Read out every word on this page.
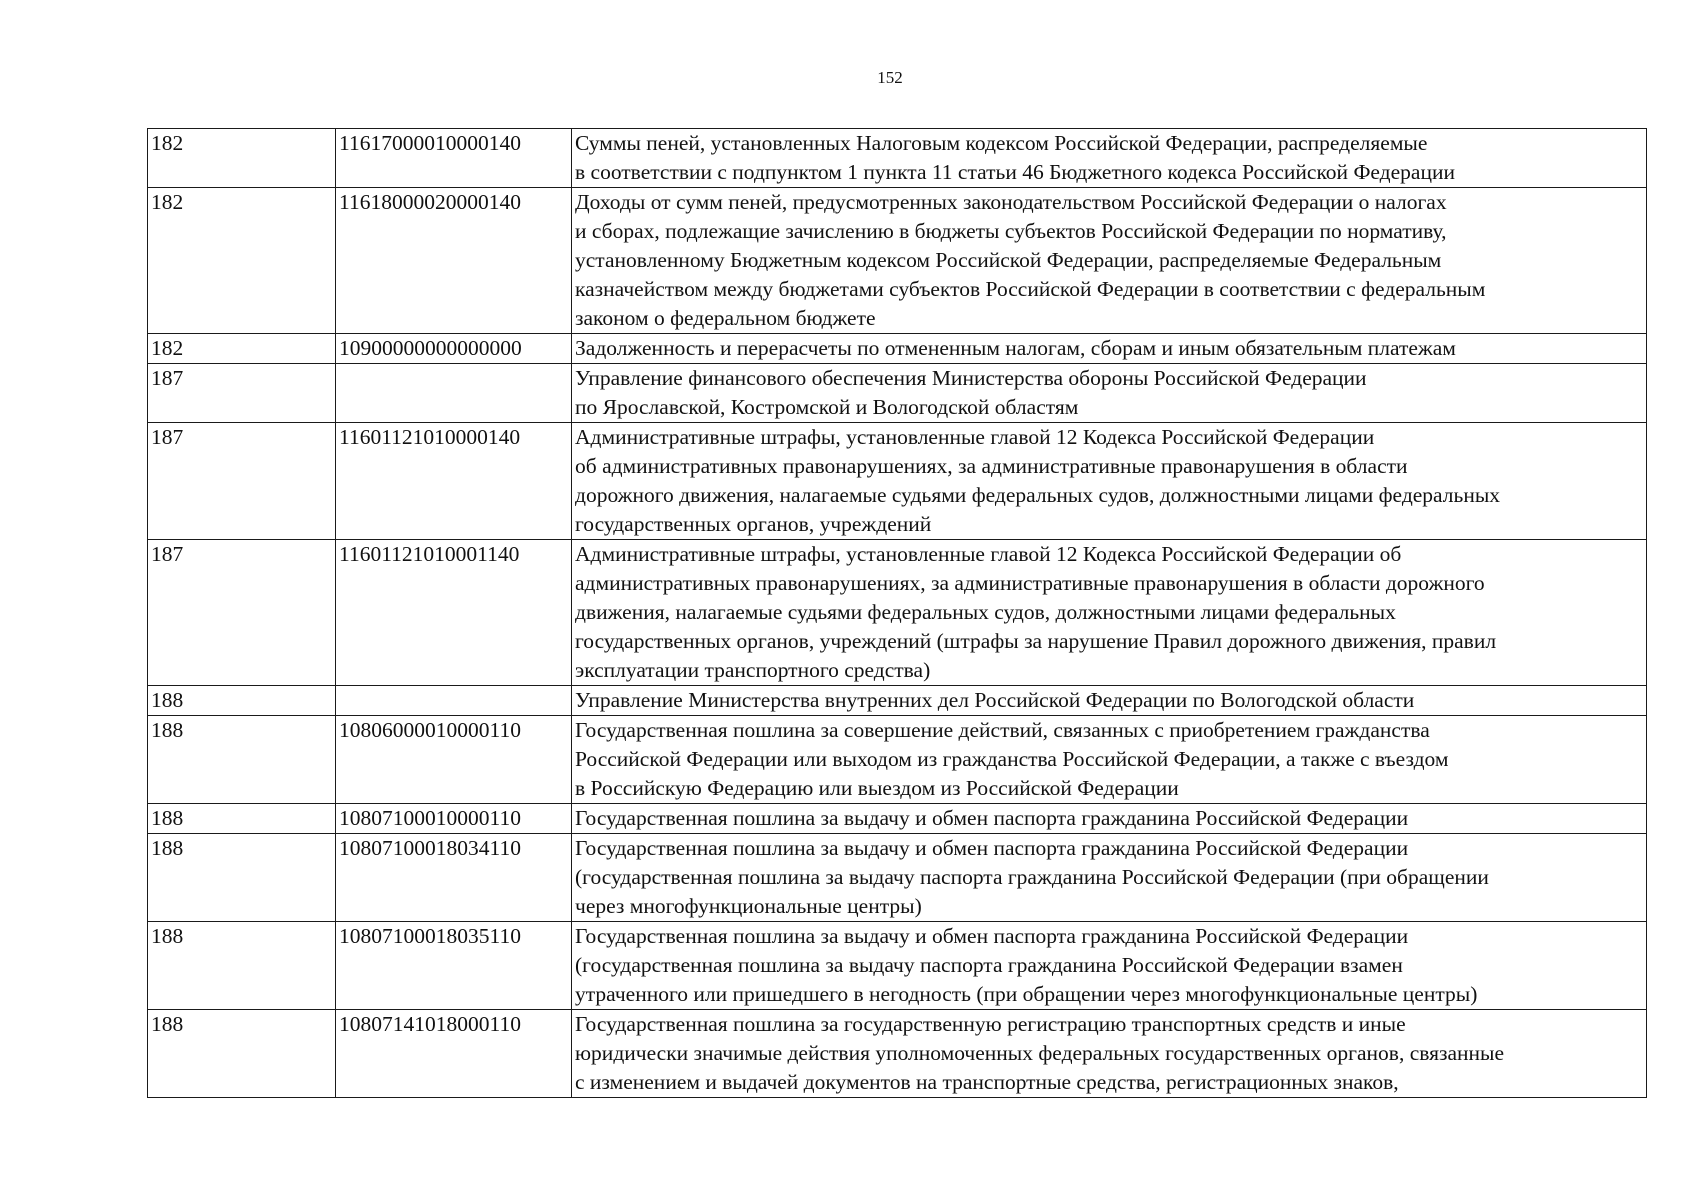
152
182	11617000010000140	Суммы пеней, установленных Налоговым кодексом Российской Федерации, распределяемые
в соответствии с подпунктом 1 пункта 11 статьи 46 Бюджетного кодекса Российской Федерации

182	11618000020000140	Доходы от сумм пеней, предусмотренных законодательством Российской Федерации о налогах
и сборах, подлежащие зачислению в бюджеты субъектов Российской Федерации по нормативу,
установленному Бюджетным кодексом Российской Федерации, распределяемые Федеральным
казначейством между бюджетами субъектов Российской Федерации в соответствии с федеральным
законом о федеральном бюджете

182	10900000000000000	Задолженность и перерасчеты по отмененным налогам, сборам и иным обязательным платежам

187		Управление финансового обеспечения Министерства обороны Российской Федерации
по Ярославской, Костромской и Вологодской областям

187	11601121010000140	Административные штрафы, установленные главой 12 Кодекса Российской Федерации
об административных правонарушениях, за административные правонарушения в области
дорожного движения, налагаемые судьями федеральных судов, должностными лицами федеральных
государственных органов, учреждений

187	11601121010001140	Административные штрафы, установленные главой 12 Кодекса Российской Федерации об
административных правонарушениях, за административные правонарушения в области дорожного
движения, налагаемые судьями федеральных судов, должностными лицами федеральных
государственных органов, учреждений (штрафы за нарушение Правил дорожного движения, правил
эксплуатации транспортного средства)

188		Управление Министерства внутренних дел Российской Федерации по Вологодской области

188	10806000010000110	Государственная пошлина за совершение действий, связанных с приобретением гражданства
Российской Федерации или выходом из гражданства Российской Федерации, а также с въездом
в Российскую Федерацию или выездом из Российской Федерации

188	10807100010000110	Государственная пошлина за выдачу и обмен паспорта гражданина Российской Федерации

188	10807100018034110	Государственная пошлина за выдачу и обмен паспорта гражданина Российской Федерации
(государственная пошлина за выдачу паспорта гражданина Российской Федерации (при обращении
через многофункциональные центры)

188	10807100018035110	Государственная пошлина за выдачу и обмен паспорта гражданина Российской Федерации
(государственная пошлина за выдачу паспорта гражданина Российской Федерации взамен
утраченного или пришедшего в негодность (при обращении через многофункциональные центры)

188	10807141018000110	Государственная пошлина за государственную регистрацию транспортных средств и иные
юридически значимые действия уполномоченных федеральных государственных органов, связанные
с изменением и выдачей документов на транспортные средства, регистрационных знаков,
